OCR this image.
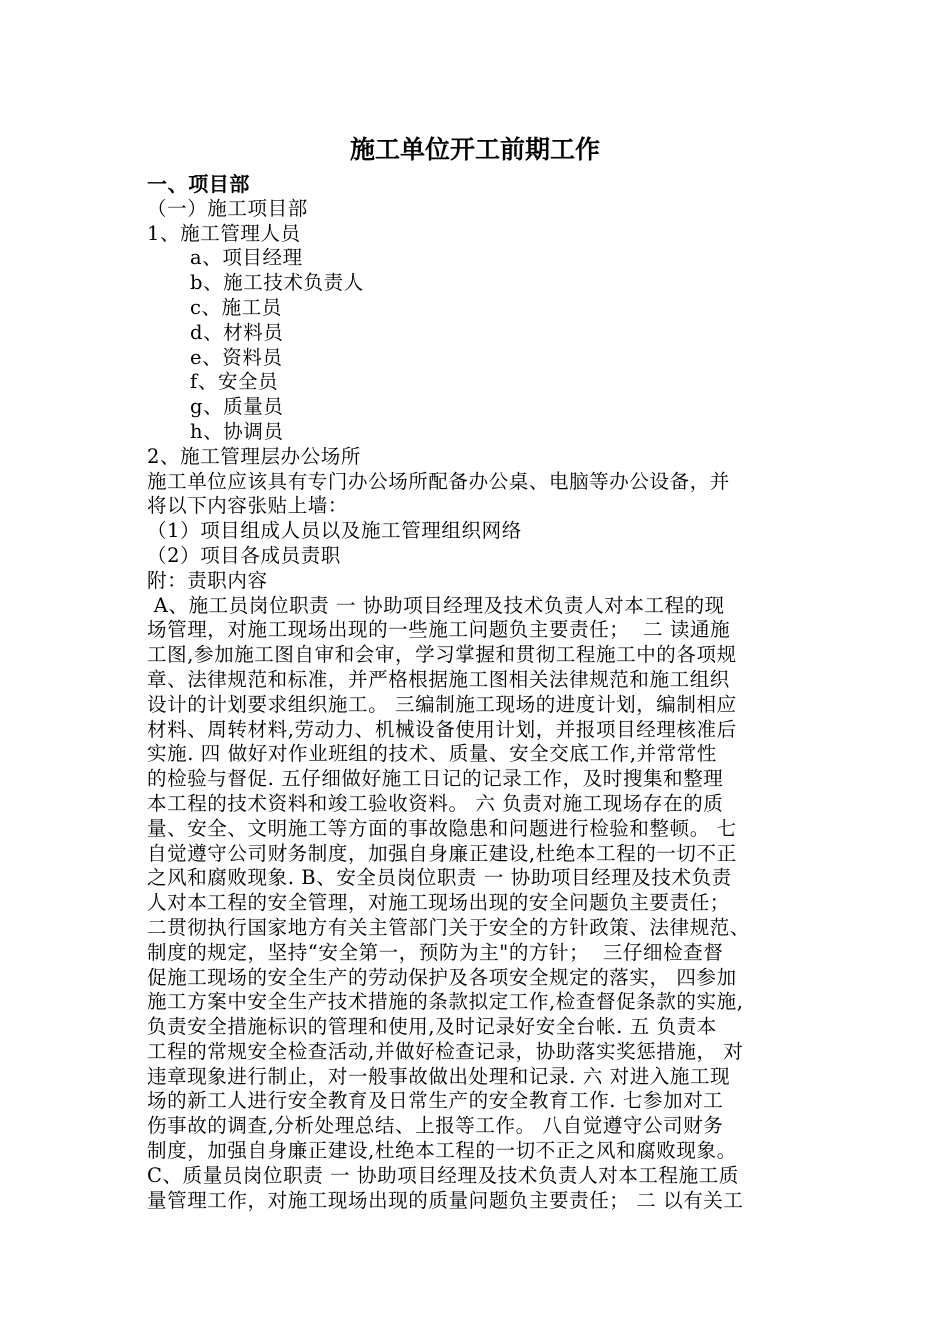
施工单位开工前期工作
一、项目部
（一）施工项目部
1、施工管理人员
a、项目经理
b、施工技术负责人
c、施工员
d、材料员
e、资料员
f、安全员
g、质量员
h、协调员
2、施工管理层办公场所
施工单位应该具有专门办公场所配备办公桌、电脑等办公设备，并
将以下内容张贴上墙：
（1）项目组成人员以及施工管理组织网络
（2）项目各成员责职
附：责职内容
A、施工员岗位职责 一 协助项目经理及技术负责人对本工程的现
场管理，对施工现场出现的一些施工问题负主要责任；  二 读通施
工图,参加施工图自审和会审，学习掌握和贯彻工程施工中的各项规
章、法律规范和标准，并严格根据施工图相关法律规范和施工组织
设计的计划要求组织施工。 三编制施工现场的进度计划，编制相应
材料、周转材料,劳动力、机械设备使用计划，并报项目经理核准后
实施. 四 做好对作业班组的技术、质量、安全交底工作,并常常性
的检验与督促. 五仔细做好施工日记的记录工作，及时搜集和整理
本工程的技术资料和竣工验收资料。 六 负责对施工现场存在的质
量、安全、文明施工等方面的事故隐患和问题进行检验和整顿。 七
自觉遵守公司财务制度，加强自身廉正建设,杜绝本工程的一切不正
之风和腐败现象. B、安全员岗位职责 一 协助项目经理及技术负责
人对本工程的安全管理，对施工现场出现的安全问题负主要责任；
二贯彻执行国家地方有关主管部门关于安全的方针政策、法律规范、
制度的规定，坚持“安全第一，预防为主"的方针；  三仔细检查督
促施工现场的安全生产的劳动保护及各项安全规定的落实， 四参加
施工方案中安全生产技术措施的条款拟定工作,检查督促条款的实施,
负责安全措施标识的管理和使用,及时记录好安全台帐. 五 负责本
工程的常规安全检查活动,并做好检查记录，协助落实奖惩措施， 对
违章现象进行制止，对一般事故做出处理和记录. 六 对进入施工现
场的新工人进行安全教育及日常生产的安全教育工作. 七参加对工
伤事故的调查,分析处理总结、上报等工作。 八自觉遵守公司财务
制度，加强自身廉正建设,杜绝本工程的一切不正之风和腐败现象。
C、质量员岗位职责 一 协助项目经理及技术负责人对本工程施工质
量管理工作，对施工现场出现的质量问题负主要责任； 二 以有关工
